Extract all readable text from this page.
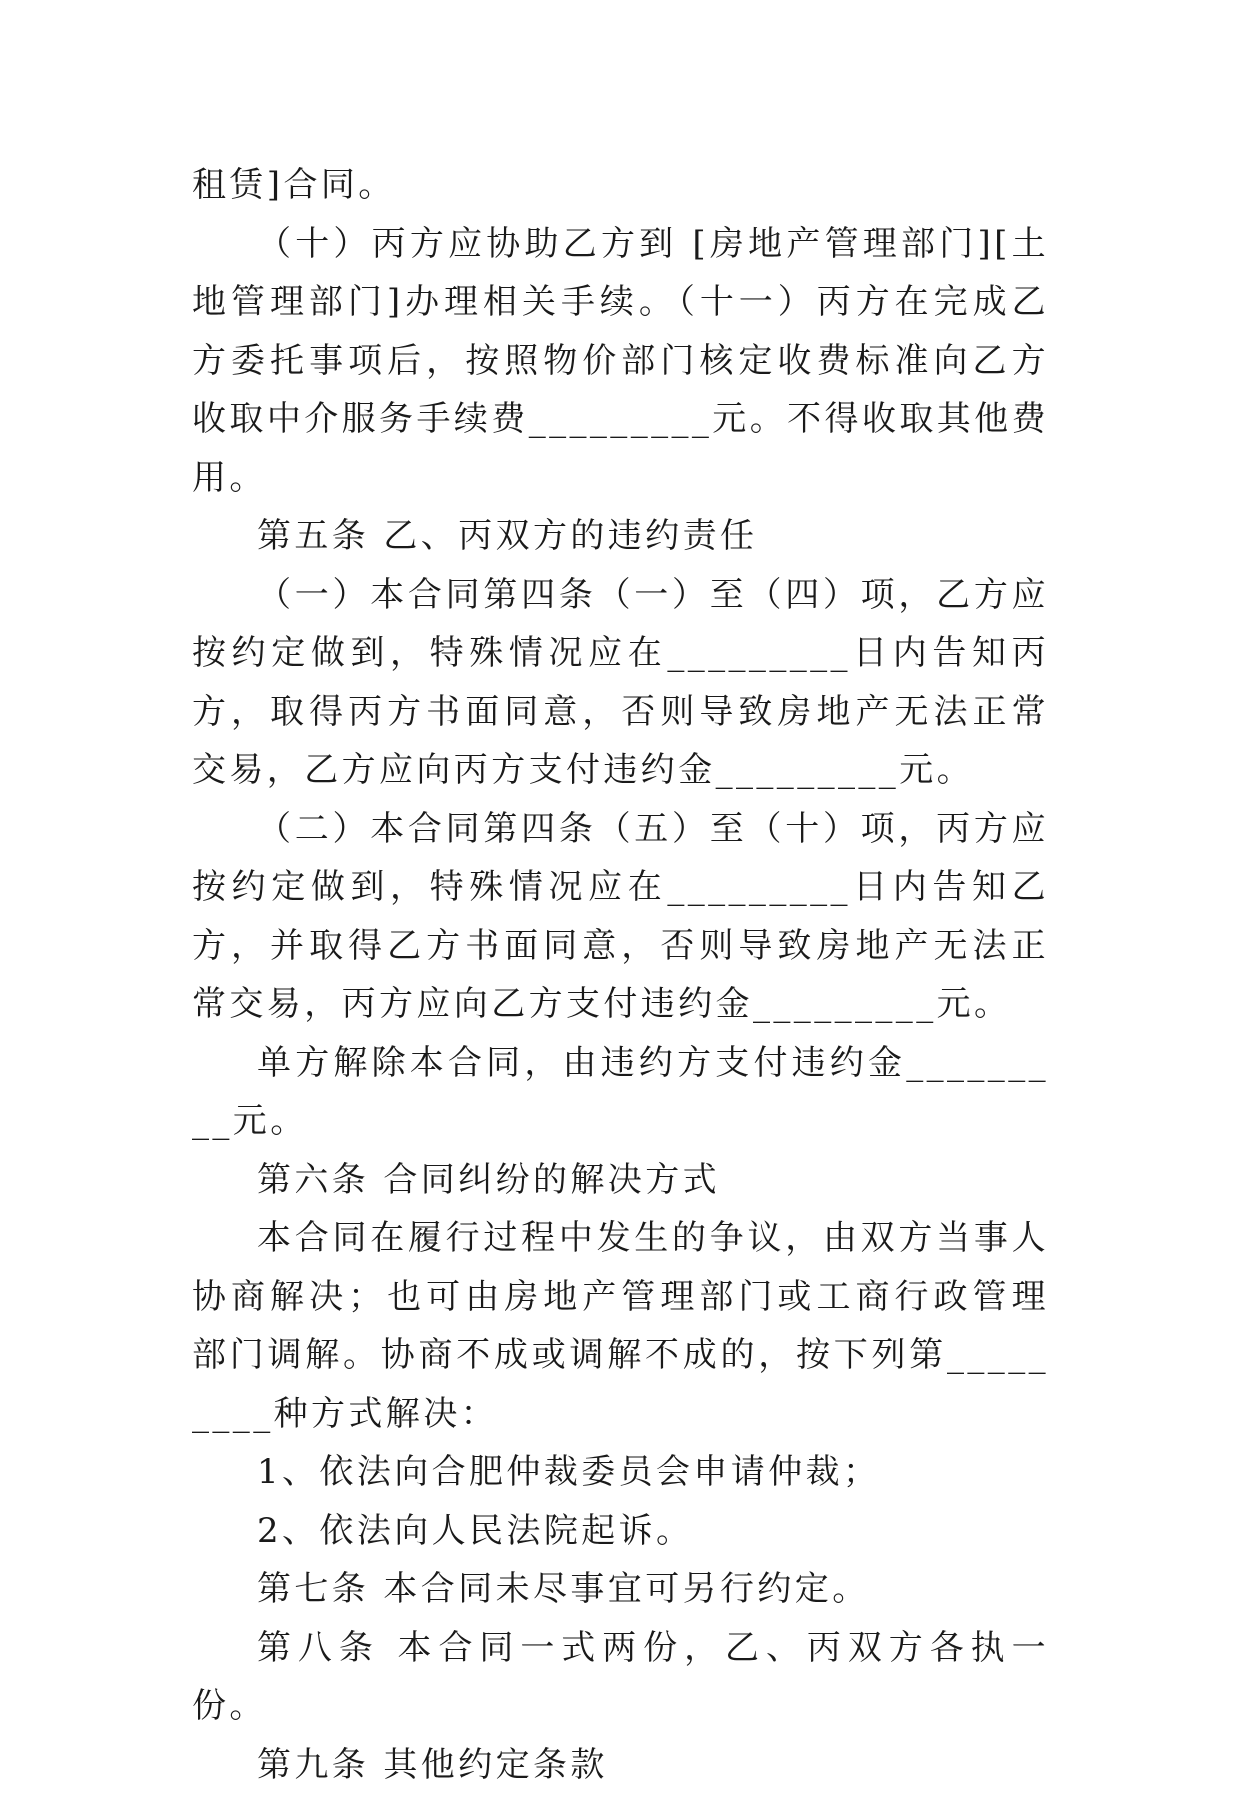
租赁]合同。

（十）丙方应协助乙方到 [房地产管理部门][土地管理部门]办理相关手续。（十一）丙方在完成乙方委托事项后，按照物价部门核定收费标准向乙方收取中介服务手续费_________元。不得收取其他费用。

第五条 乙、丙双方的违约责任

（一）本合同第四条（一）至（四）项，乙方应按约定做到，特殊情况应在_________日内告知丙方，取得丙方书面同意，否则导致房地产无法正常交易，乙方应向丙方支付违约金_________元。

（二）本合同第四条（五）至（十）项，丙方应按约定做到，特殊情况应在_________日内告知乙方，并取得乙方书面同意，否则导致房地产无法正常交易，丙方应向乙方支付违约金_________元。

单方解除本合同，由违约方支付违约金_________元。

第六条 合同纠纷的解决方式

本合同在履行过程中发生的争议，由双方当事人协商解决；也可由房地产管理部门或工商行政管理部门调解。协商不成或调解不成的，按下列第_________种方式解决：

1、依法向合肥仲裁委员会申请仲裁；

2、依法向人民法院起诉。

第七条 本合同未尽事宜可另行约定。

第八条 本合同一式两份，乙、丙双方各执一份。

第九条 其他约定条款
